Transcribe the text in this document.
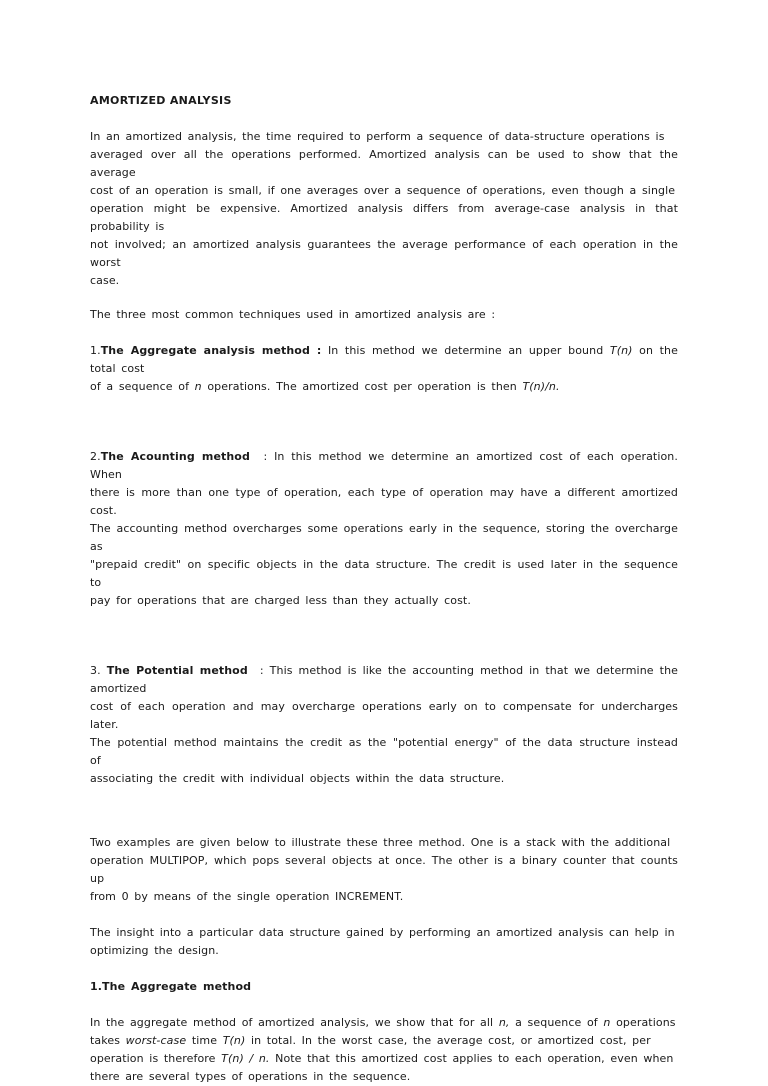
AMORTIZED ANALYSIS

In an amortized analysis, the time required to perform a sequence of data-structure operations is

averaged over all the operations performed. Amortized analysis can be used to show that the average

cost of an operation is small, if one averages over a sequence of operations, even though a single

operation might be expensive. Amortized analysis differs from average-case analysis in that probability is

not involved; an amortized analysis guarantees the average performance of each operation in the worst

case.

The three most common techniques used in amortized analysis are :

1.The Aggregate analysis method : In this method we determine an upper bound T(n) on the total cost

of a sequence of n operations. The amortized cost per operation is then T(n)/n.

2.The Acounting method : In this method we determine an amortized cost of each operation. When

there is more than one type of operation, each type of operation may have a different amortized cost.

The accounting method overcharges some operations early in the sequence, storing the overcharge as

"prepaid credit" on specific objects in the data structure. The credit is used later in the sequence to

pay for operations that are charged less than they actually cost.

3. The Potential method : This method is like the accounting method in that we determine the amortized

cost of each operation and may overcharge operations early on to compensate for undercharges later.

The potential method maintains the credit as the "potential energy" of the data structure instead of

associating the credit with individual objects within the data structure.

Two examples are given below to illustrate these three method. One is a stack with the additional

operation MULTIPOP, which pops several objects at once. The other is a binary counter that counts up

from 0 by means of the single operation INCREMENT.

The insight into a particular data structure gained by performing an amortized analysis can help in

optimizing the design.

1.The Aggregate method

In the aggregate method of amortized analysis, we show that for all n, a sequence of n operations

takes worst-case time T(n) in total. In the worst case, the average cost, or amortized cost, per

operation is therefore T(n) / n. Note that this amortized cost applies to each operation, even when

there are several types of operations in the sequence.
